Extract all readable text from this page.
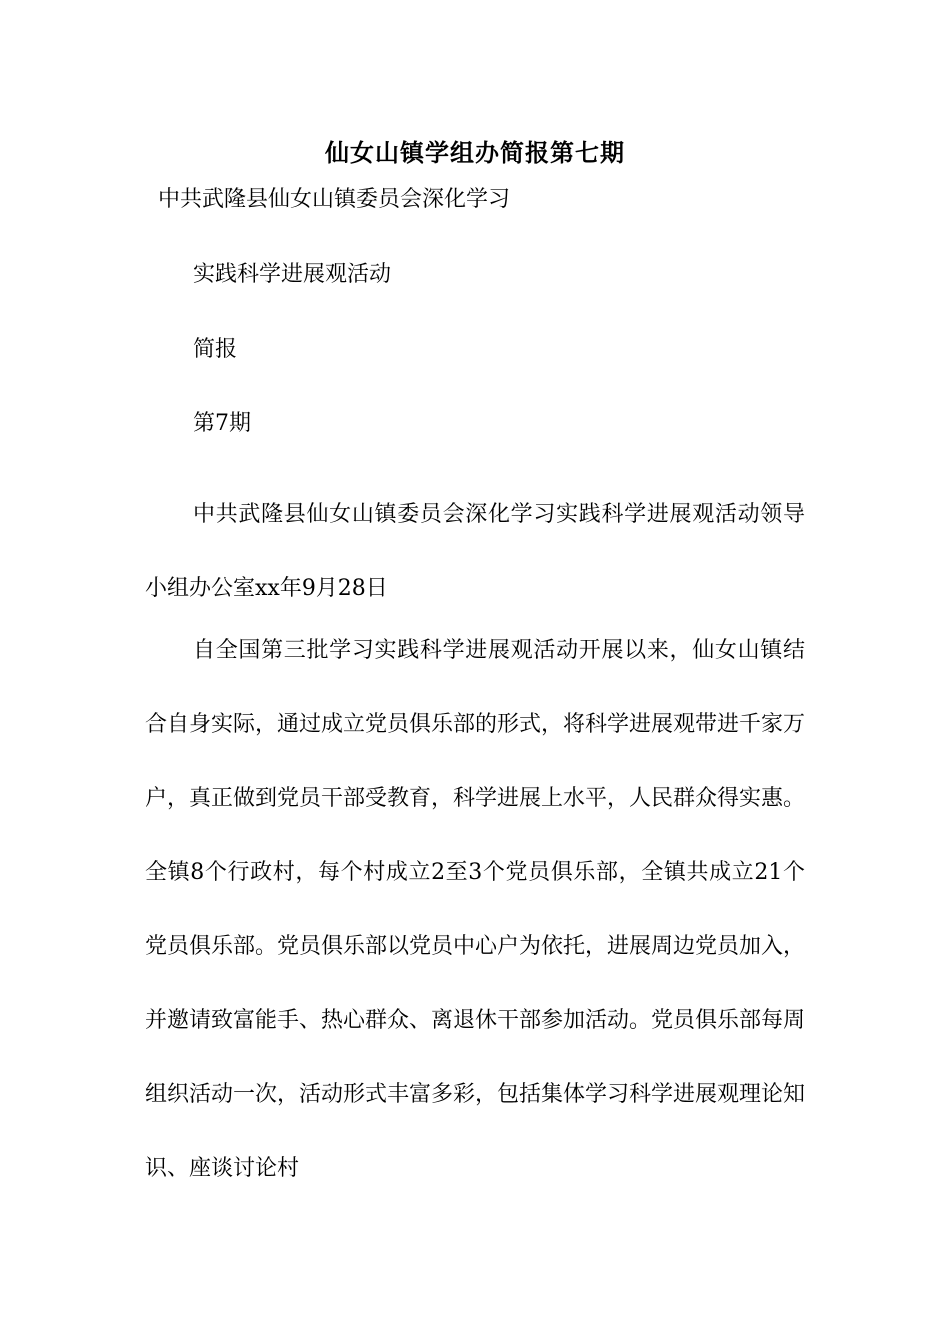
仙女山镇学组办简报第七期
中共武隆县仙女山镇委员会深化学习
实践科学进展观活动
简报
第7期
中共武隆县仙女山镇委员会深化学习实践科学进展观活动领导小组办公室xx年9月28日
自全国第三批学习实践科学进展观活动开展以来，仙女山镇结合自身实际，通过成立党员俱乐部的形式，将科学进展观带进千家万户，真正做到党员干部受教育，科学进展上水平，人民群众得实惠。全镇8个行政村，每个村成立2至3个党员俱乐部，全镇共成立21个党员俱乐部。党员俱乐部以党员中心户为依托，进展周边党员加入，并邀请致富能手、热心群众、离退休干部参加活动。党员俱乐部每周组织活动一次，活动形式丰富多彩，包括集体学习科学进展观理论知识、座谈讨论村
